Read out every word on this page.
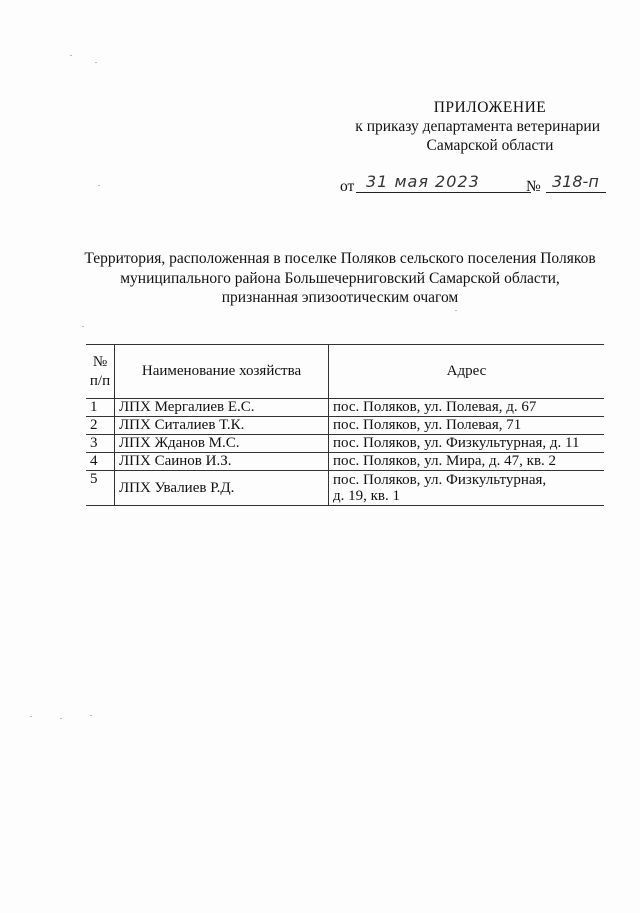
ПРИЛОЖЕНИЕ
к приказу департамента ветеринарии
Самарской области
от 31 мая 2023	№ 318-п
Территория, расположенная в поселке Поляков сельского поселения Поляков
муниципального района Большечерниговский Самарской области,
признанная эпизоотическим очагом
№
п/п	Наименование хозяйства	Адрес
1	ЛПХ Мергалиев Е.С.	пос. Поляков, ул. Полевая, д. 67
2	ЛПХ Ситалиев Т.К.	пос. Поляков, ул. Полевая, 71
3	ЛПХ Жданов М.С.	пос. Поляков, ул. Физкультурная, д. 11
4	ЛПХ Саинов И.З.	пос. Поляков, ул. Мира, д. 47, кв. 2
5	ЛПХ Увалиев Р.Д.	пос. Поляков, ул. Физкультурная,
д. 19, кв. 1
